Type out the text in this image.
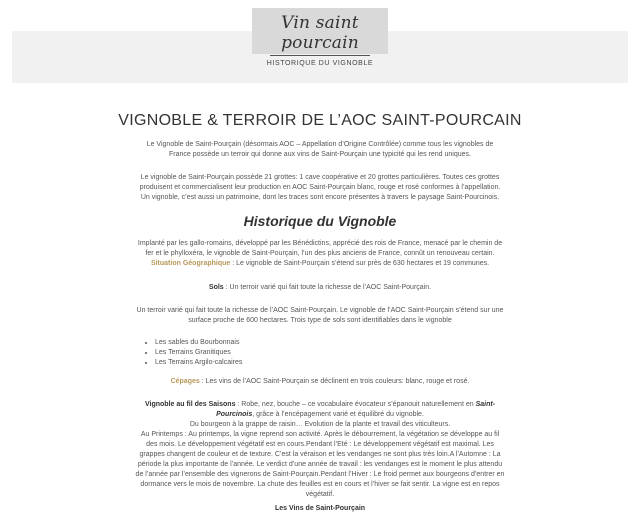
Vin saint pourcain
HISTORIQUE DU VIGNOBLE
VIGNOBLE & TERROIR DE L’AOC SAINT-POURCAIN
Le Vignoble de Saint-Pourçain (désormais AOC – Appellation d’Origine Contrôlée) comme tous les vignobles de France possède un terroir qui donne aux vins de Saint-Pourçain une typicité qui les rend uniques.
Le vignoble de Saint-Pourçain possède 21 grottes: 1 cave coopérative et 20 grottes particulières. Toutes ces grottes produisent et commercialisent leur production en AOC Saint-Pourçain blanc, rouge et rosé conformes à l’appellation. Un vignoble, c’est aussi un patrimoine, dont les traces sont encore présentes à travers le paysage Saint-Pourcinois.
Historique du Vignoble
Implanté par les gallo-romains, développé par les Bénédictins, apprécié des rois de France, menacé par le chemin de fer et le phylloxéra, le vignoble de Saint-Pourçain, l’un des plus anciens de France, connût un renouveau certain.
Situation Géographique : Le vignoble de Saint-Pourçain s’étend sur près de 630 hectares et 19 communes.
Sols : Un terroir varié qui fait toute la richesse de l’AOC Saint-Pourçain.
Un terroir varié qui fait toute la richesse de l’AOC Saint-Pourçain. Le vignoble de l’AOC Saint-Pourçain s’étend sur une surface proche de 600 hectares. Trois type de sols sont identifiables dans le vignoble
• Les sables du Bourbonnais
• Les Terrains Granitiques
• Les Terrains Argilo-calcaires
Cépages : Les vins de l’AOC Saint-Pourçain se déclinent en trois couleurs: blanc, rouge et rosé.
Vignoble au fil des Saisons : Robe, nez, bouche – ce vocabulaire évocateur s’épanouit naturellement en Saint-Pourcinois, grâce à l’encépagement varié et équilibré du vignoble.
Du bourgeon à la grappe de raisin… Evolution de la plante et travail des viticulteurs.
Au Printemps : Au printemps, la vigne reprend son activité. Après le débourrement, la végétation se développe au fil des mois. Le développement végétatif est en cours.Pendant l’Eté : Le développement végétatif est maximal. Les grappes changent de couleur et de texture. C’est la véraison et les vendanges ne sont plus très loin.A l’Automne : La période la plus importante de l’année. Le verdict d’une année de travail : les vendanges est le moment le plus attendu de l’année par l’ensemble des vignerons de Saint-Pourçain.Pendant l’Hiver : Le froid permet aux bourgeons d’entrer en dormance vers le mois de novembre. La chute des feuilles est en cours et l’hiver se fait sentir. La vigne est en repos végétatif.
Les Vins de Saint-Pourçain
